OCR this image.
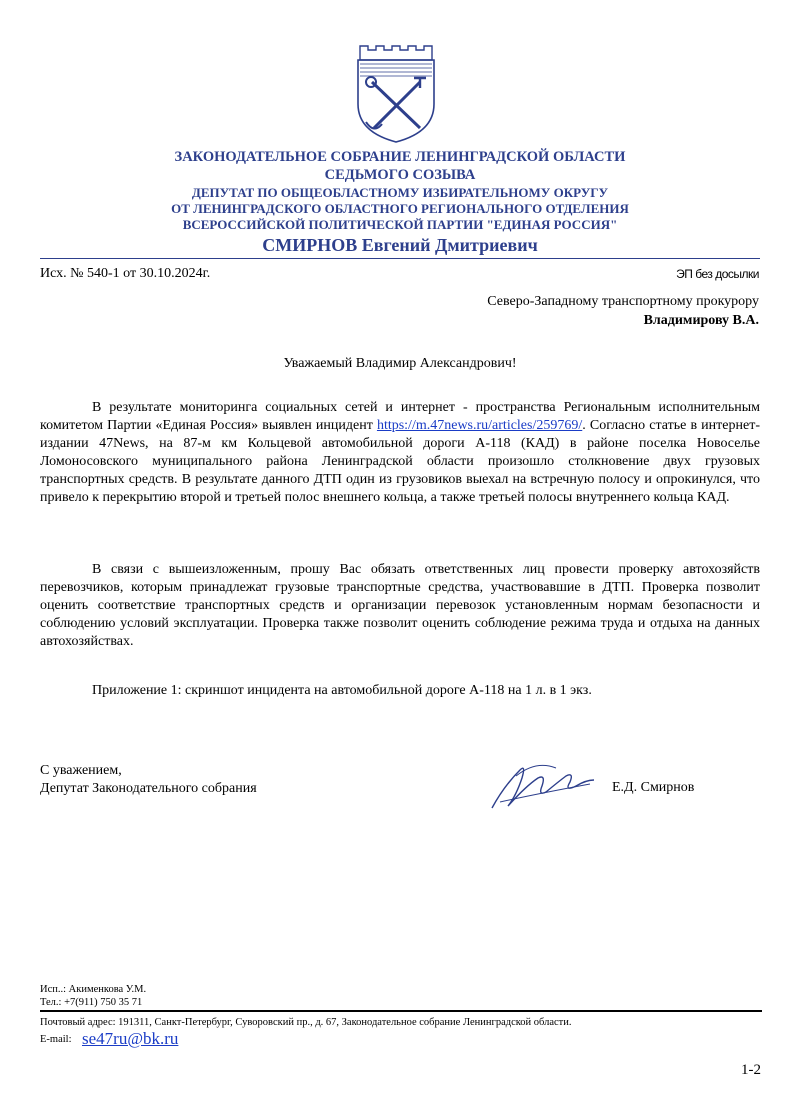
ЗАКОНОДАТЕЛЬНОЕ СОБРАНИЕ ЛЕНИНГРАДСКОЙ ОБЛАСТИ
СЕДЬМОГО СОЗЫВА
ДЕПУТАТ ПО ОБЩЕОБЛАСТНОМУ ИЗБИРАТЕЛЬНОМУ ОКРУГУ
ОТ ЛЕНИНГРАДСКОГО ОБЛАСТНОГО РЕГИОНАЛЬНОГО ОТДЕЛЕНИЯ
ВСЕРОССИЙСКОЙ ПОЛИТИЧЕСКОЙ ПАРТИИ "ЕДИНАЯ РОССИЯ"
СМИРНОВ Евгений Дмитриевич
Исх. № 540-1 от 30.10.2024г.	ЭП без досылки
Северо-Западному транспортному прокурору
Владимирову В.А.
Уважаемый Владимир Александрович!

В результате мониторинга социальных сетей и интернет - пространства Региональным исполнительным комитетом Партии «Единая Россия» выявлен инцидент https://m.47news.ru/articles/259769/. Согласно статье в интернет-издании 47News, на 87-м км Кольцевой автомобильной дороги А-118 (КАД) в районе поселка Новоселье Ломоносовского муниципального района Ленинградской области произошло столкновение двух грузовых транспортных средств. В результате данного ДТП один из грузовиков выехал на встречную полосу и опрокинулся, что привело к перекрытию второй и третьей полос внешнего кольца, а также третьей полосы внутреннего кольца КАД.

В связи с вышеизложенным, прошу Вас обязать ответственных лиц провести проверку автохозяйств перевозчиков, которым принадлежат грузовые транспортные средства, участвовавшие в ДТП. Проверка позволит оценить соответствие транспортных средств и организации перевозок установленным нормам безопасности и соблюдению условий эксплуатации. Проверка также позволит оценить соблюдение режима труда и отдыха на данных автохозяйствах.

Приложение 1: скриншот инцидента на автомобильной дороге А-118 на 1 л. в 1 экз.
С уважением,
Депутат Законодательного собрания	Е.Д. Смирнов
Исп..: Акименкова У.М.
Тел.: +7(911) 750 35 71
Почтовый адрес: 191311, Санкт-Петербург, Суворовский пр., д. 67, Законодательное собрание Ленинградской области.
E-mail: se47ru@bk.ru
1-2
